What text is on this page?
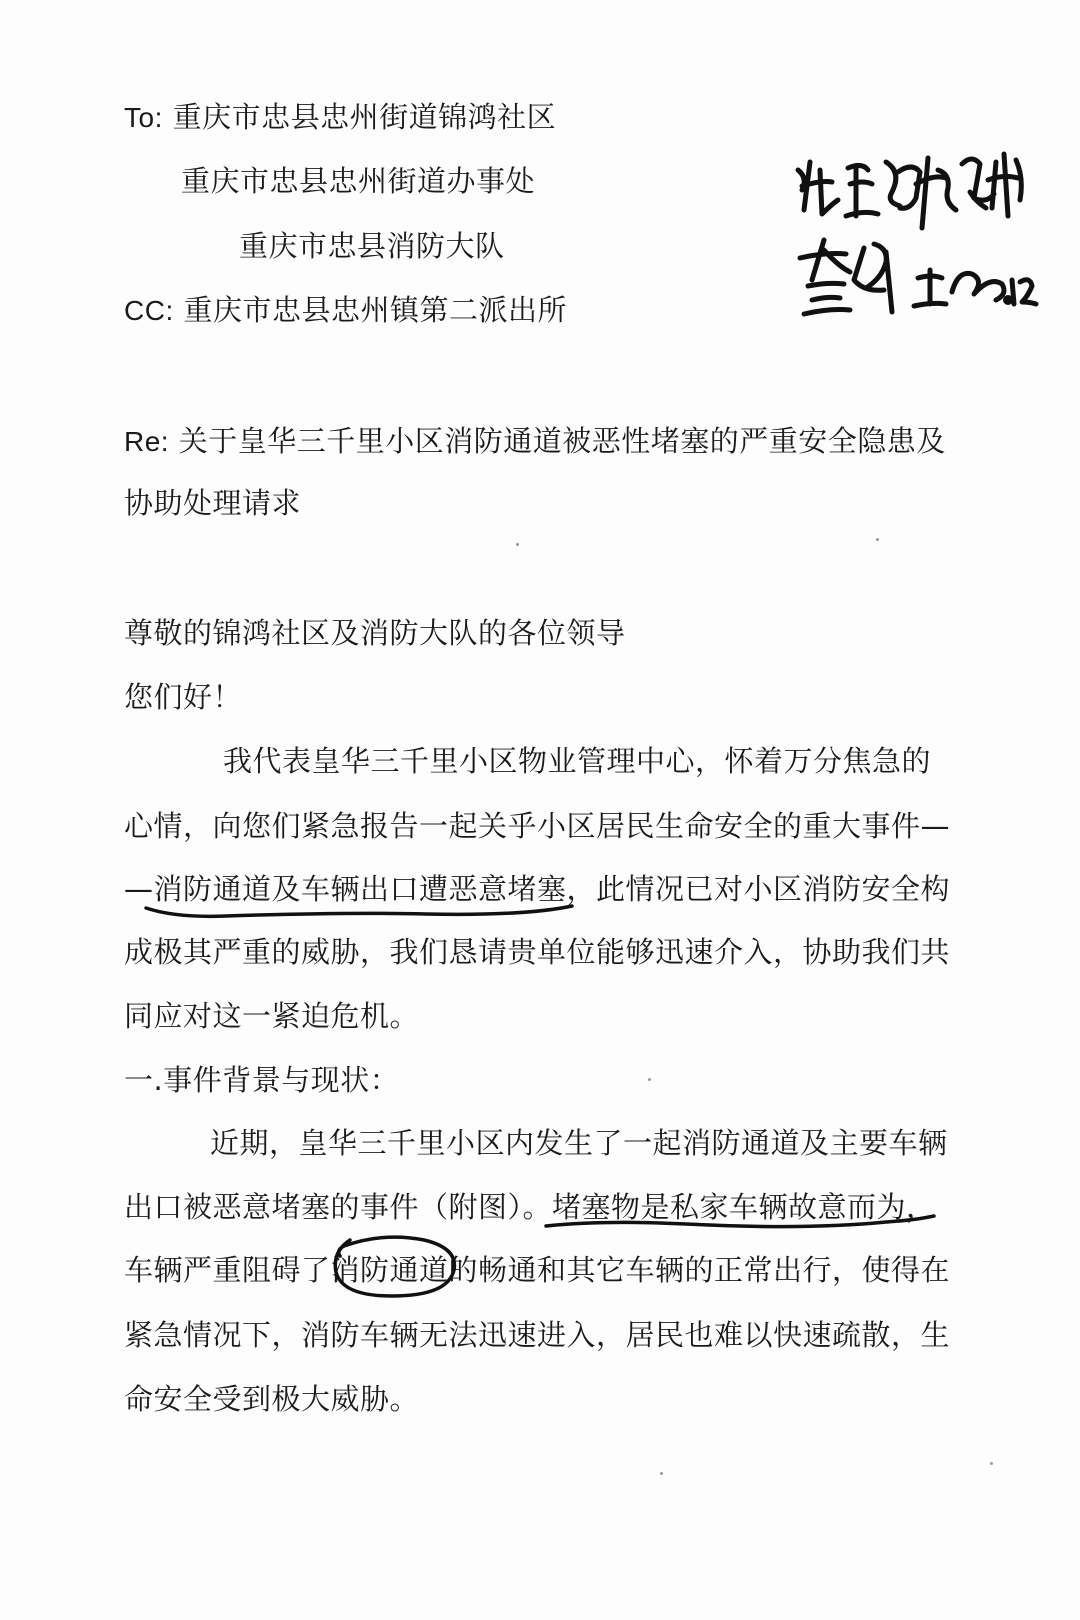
To: 重庆市忠县忠州街道锦鸿社区
重庆市忠县忠州街道办事处
重庆市忠县消防大队
CC: 重庆市忠县忠州镇第二派出所
Re: 关于皇华三千里小区消防通道被恶性堵塞的严重安全隐患及
协助处理请求
尊敬的锦鸿社区及消防大队的各位领导
您们好！
我代表皇华三千里小区物业管理中心，怀着万分焦急的
心情，向您们紧急报告一起关乎小区居民生命安全的重大事件—
—消防通道及车辆出口遭恶意堵塞，此情况已对小区消防安全构
成极其严重的威胁，我们恳请贵单位能够迅速介入，协助我们共
同应对这一紧迫危机。
一.事件背景与现状：
近期，皇华三千里小区内发生了一起消防通道及主要车辆
出口被恶意堵塞的事件（附图）。堵塞物是私家车辆故意而为，
车辆严重阻碍了消防通道的畅通和其它车辆的正常出行，使得在
紧急情况下，消防车辆无法迅速进入，居民也难以快速疏散，生
命安全受到极大威胁。
